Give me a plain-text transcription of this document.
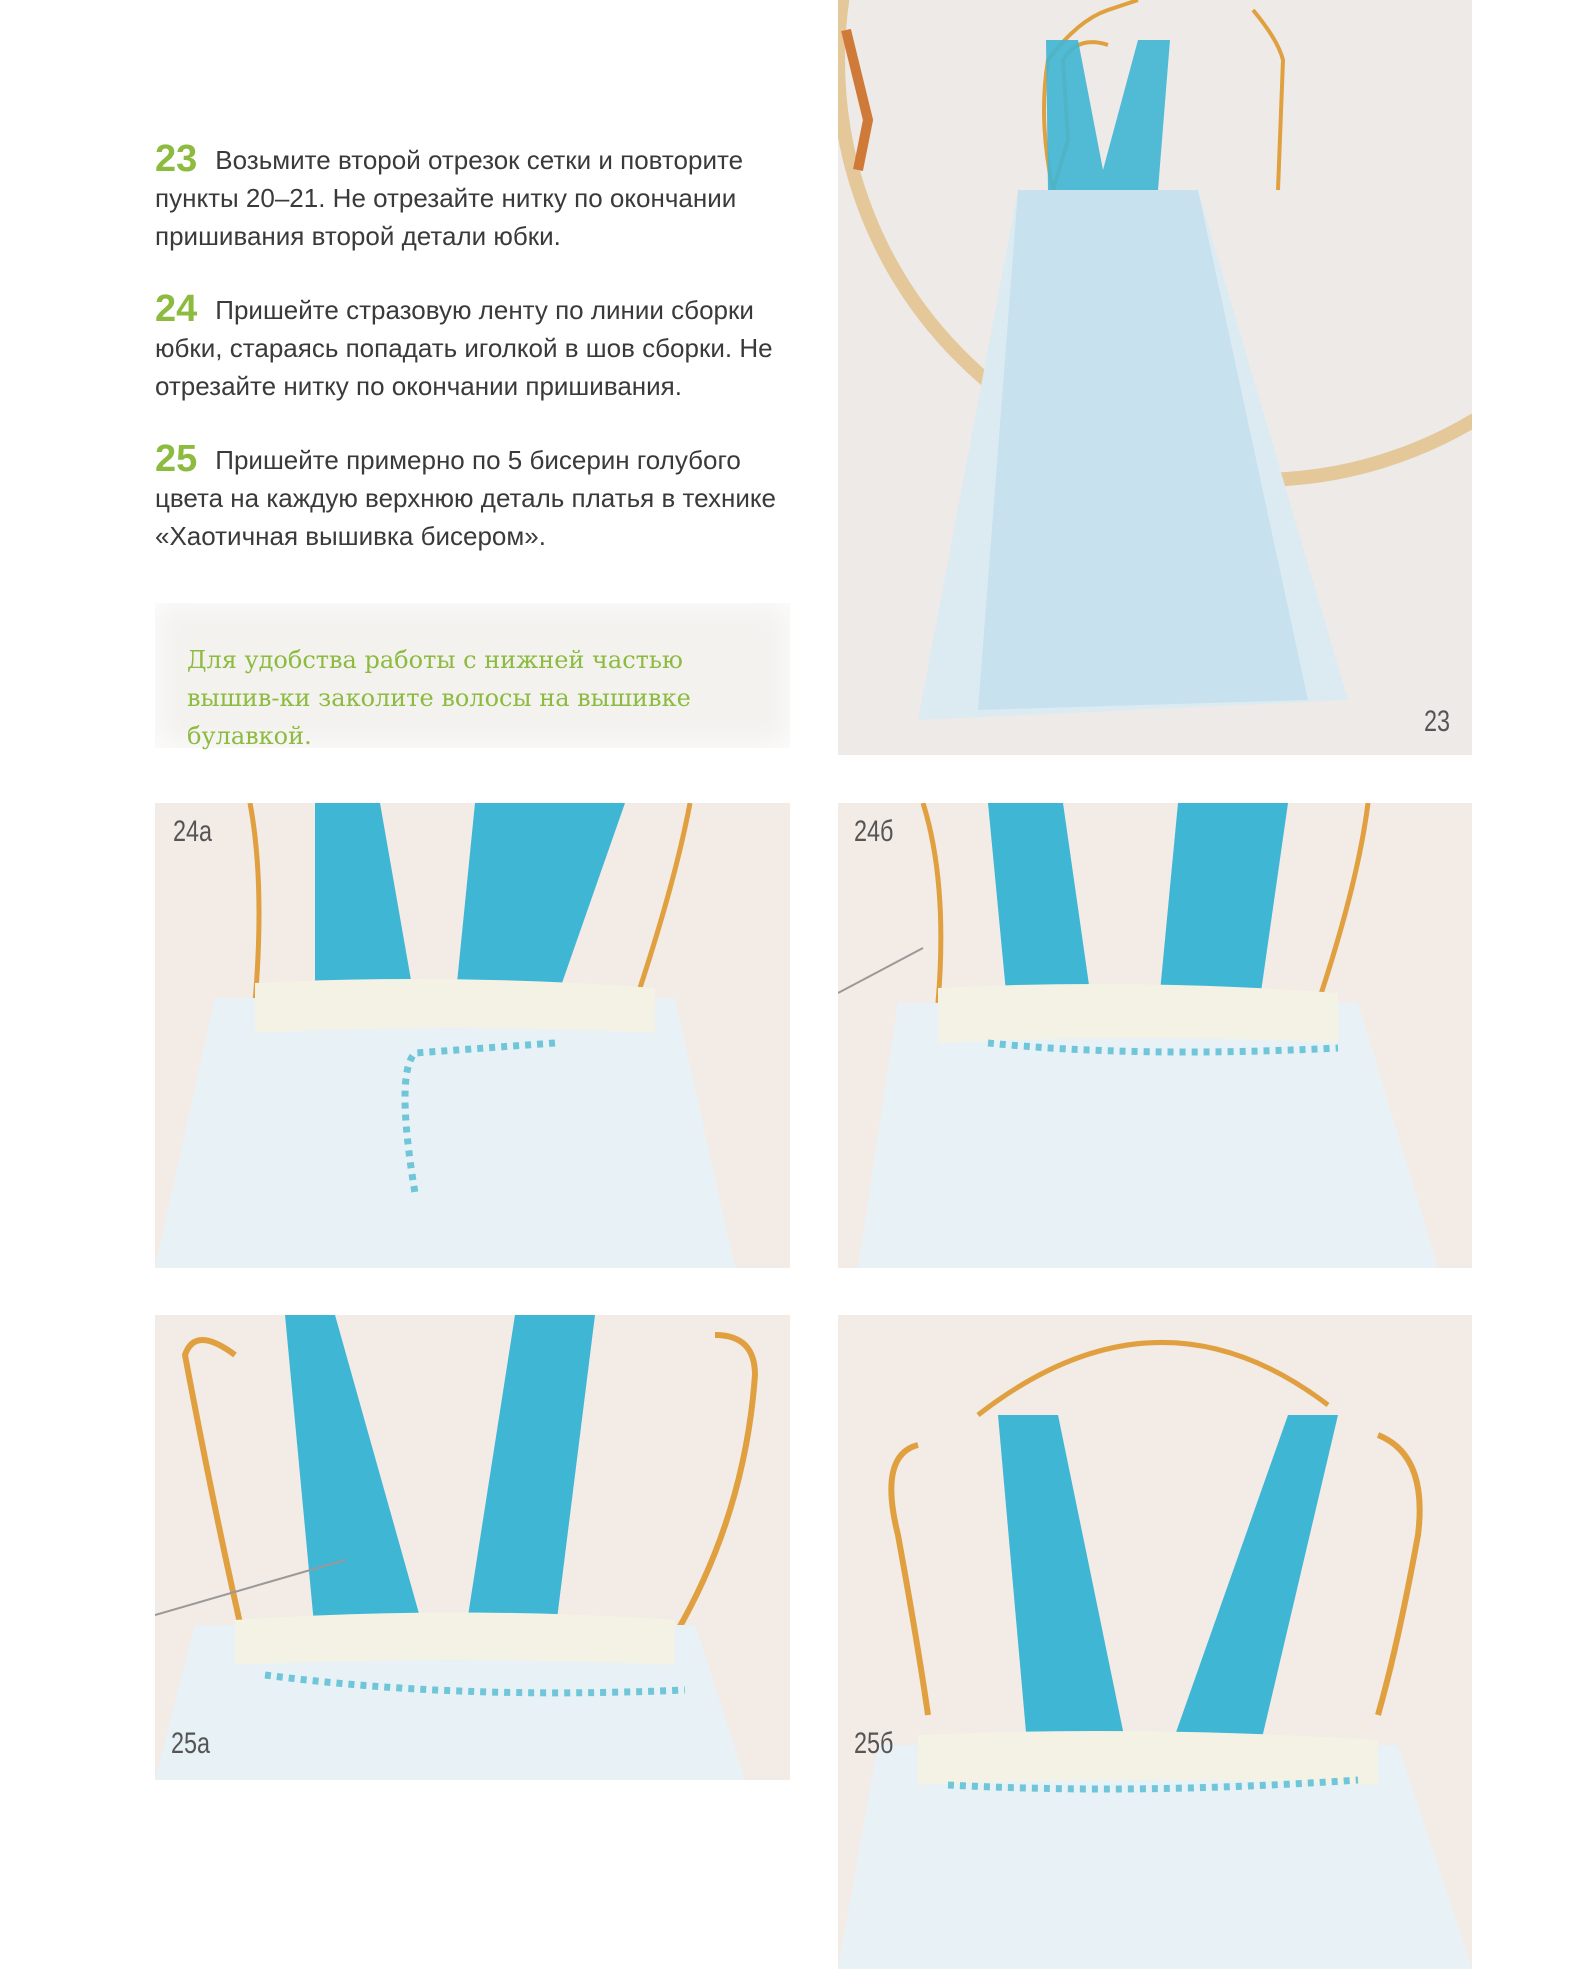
23 Возьмите второй отрезок сетки и повторите пункты 20–21. Не отрезайте нитку по окончании пришивания второй детали юбки.
24 Пришейте стразовую ленту по линии сборки юбки, стараясь попадать иголкой в шов сборки. Не отрезайте нитку по окончании пришивания.
25 Пришейте примерно по 5 бисерин голубого цвета на каждую верхнюю деталь платья в технике «Хаотичная вышивка бисером».
Для удобства работы с нижней частью вышив-ки заколите волосы на вышивке булавкой.	23
24а	24б
25а	25б
